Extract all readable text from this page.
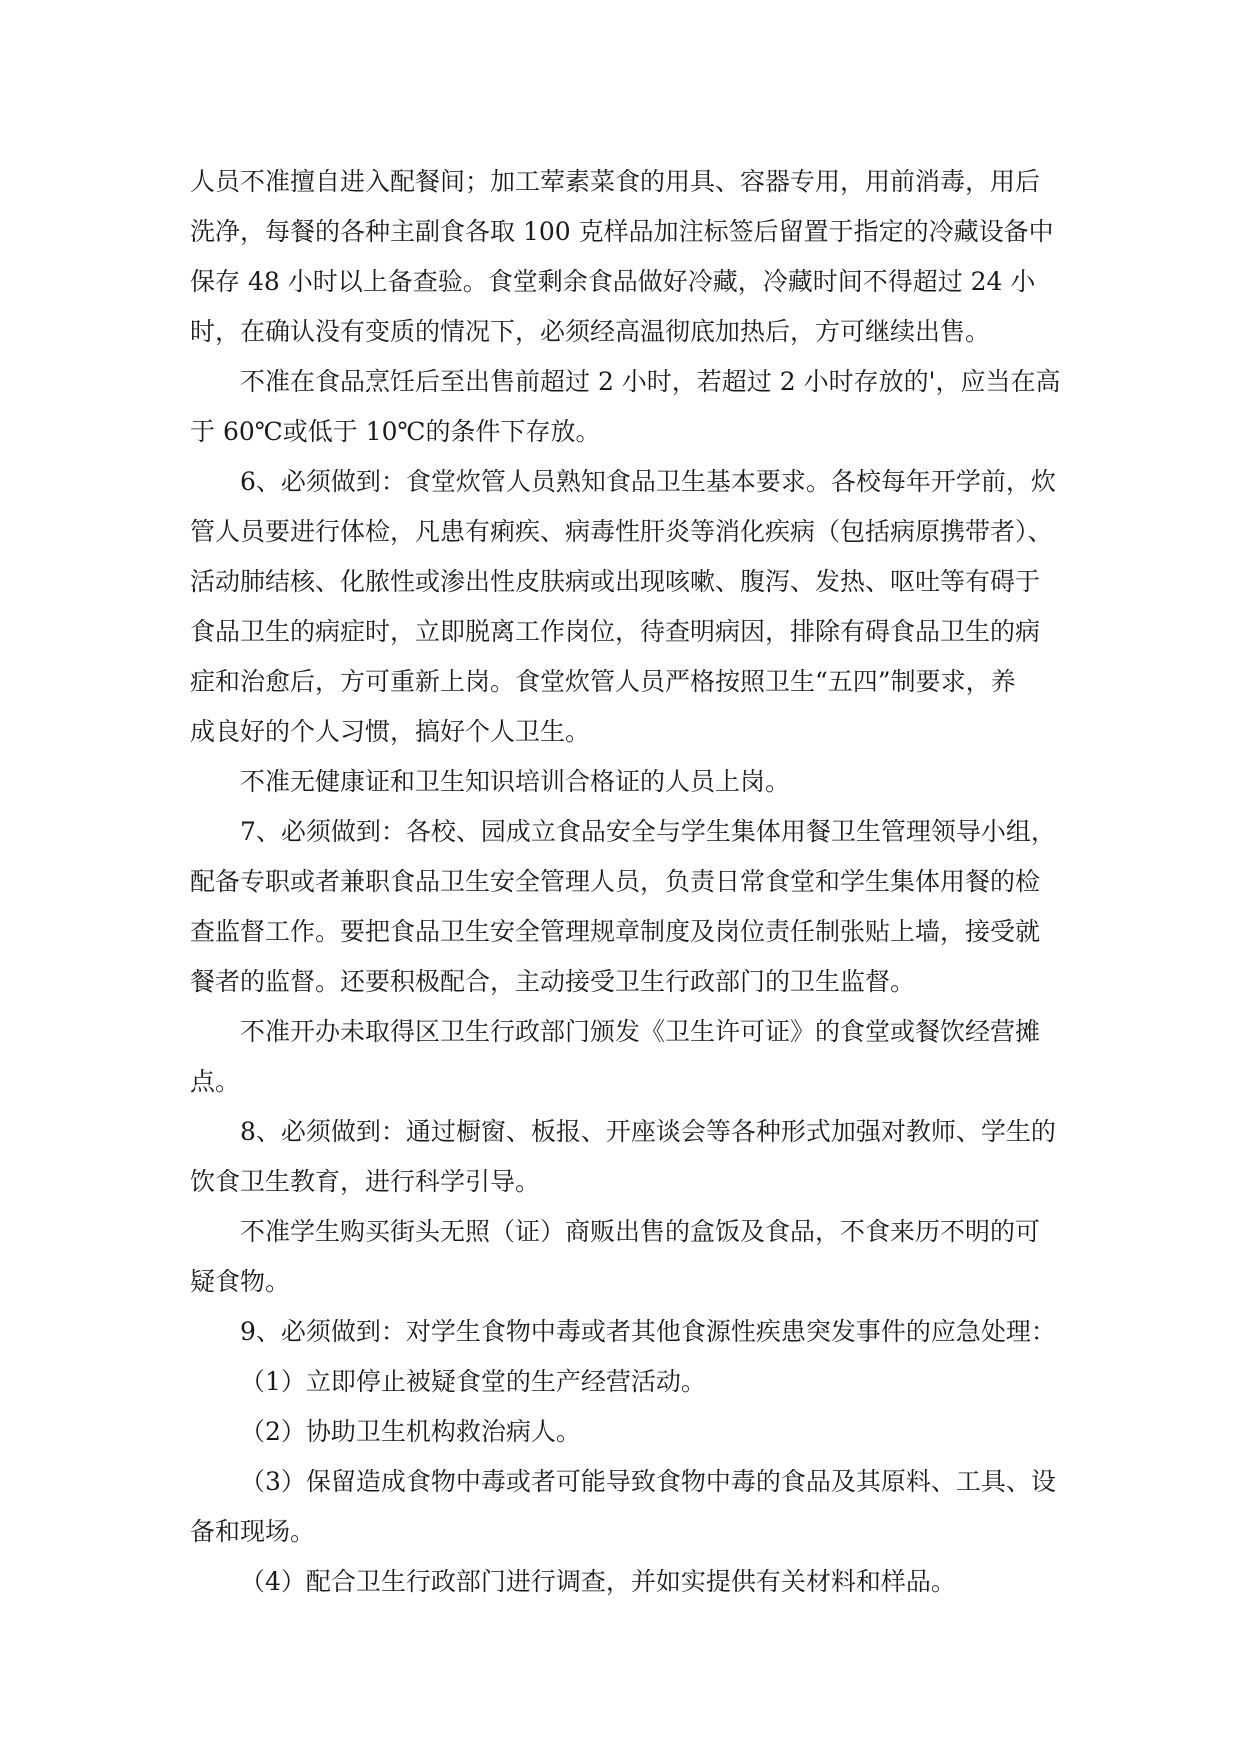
人员不准擅自进入配餐间；加工荤素菜食的用具、容器专用，用前消毒，用后
洗净，每餐的各种主副食各取 100 克样品加注标签后留置于指定的冷藏设备中
保存 48 小时以上备查验。食堂剩余食品做好冷藏，冷藏时间不得超过 24 小
时，在确认没有变质的情况下，必须经高温彻底加热后，方可继续出售。

不准在食品烹饪后至出售前超过 2 小时，若超过 2 小时存放的'，应当在高
于 60℃或低于 10℃的条件下存放。

6、必须做到：食堂炊管人员熟知食品卫生基本要求。各校每年开学前，炊
管人员要进行体检，凡患有痢疾、病毒性肝炎等消化疾病（包括病原携带者）、
活动肺结核、化脓性或渗出性皮肤病或出现咳嗽、腹泻、发热、呕吐等有碍于
食品卫生的病症时，立即脱离工作岗位，待查明病因，排除有碍食品卫生的病
症和治愈后，方可重新上岗。食堂炊管人员严格按照卫生“五四”制要求，养
成良好的个人习惯，搞好个人卫生。

不准无健康证和卫生知识培训合格证的人员上岗。

7、必须做到：各校、园成立食品安全与学生集体用餐卫生管理领导小组，
配备专职或者兼职食品卫生安全管理人员，负责日常食堂和学生集体用餐的检
查监督工作。要把食品卫生安全管理规章制度及岗位责任制张贴上墙，接受就
餐者的监督。还要积极配合，主动接受卫生行政部门的卫生监督。

不准开办未取得区卫生行政部门颁发《卫生许可证》的食堂或餐饮经营摊
点。

8、必须做到：通过橱窗、板报、开座谈会等各种形式加强对教师、学生的
饮食卫生教育，进行科学引导。

不准学生购买街头无照（证）商贩出售的盒饭及食品，不食来历不明的可
疑食物。

9、必须做到：对学生食物中毒或者其他食源性疾患突发事件的应急处理：

（1）立即停止被疑食堂的生产经营活动。

（2）协助卫生机构救治病人。

（3）保留造成食物中毒或者可能导致食物中毒的食品及其原料、工具、设
备和现场。

（4）配合卫生行政部门进行调查，并如实提供有关材料和样品。
